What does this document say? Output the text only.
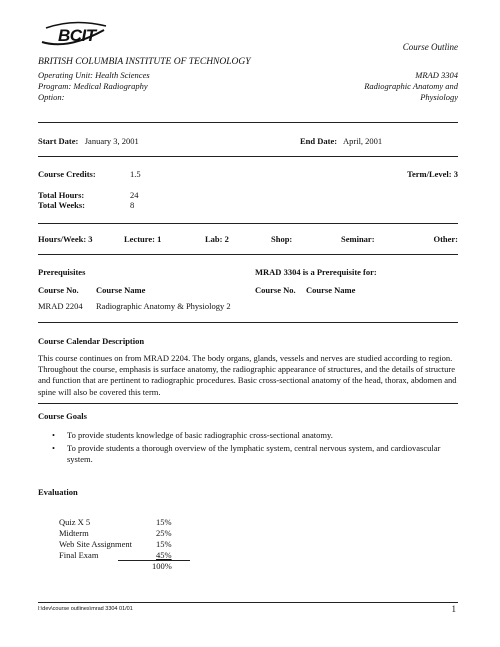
BCIT
Course Outline
BRITISH COLUMBIA INSTITUTE OF TECHNOLOGY
Operating Unit: Health Sciences
Program: Medical Radiography
Option:
MRAD 3304
Radiographic Anatomy and
Physiology
Start Date: January 3, 2001	End Date: April, 2001
Course Credits:	1.5	Term/Level: 3
Total Hours:	24
Total Weeks:	8
Hours/Week: 3	Lecture: 1	Lab: 2	Shop:	Seminar:	Other:
Prerequisites	MRAD 3304 is a Prerequisite for:
Course No. Course Name	Course No. Course Name
MRAD 2204 Radiographic Anatomy & Physiology 2
Course Calendar Description

This course continues on from MRAD 2204. The body organs, glands, vessels and nerves are studied according to region. Throughout the course, emphasis is surface anatomy, the radiographic appearance of structures, and the details of structure and function that are pertinent to radiographic procedures. Basic cross-sectional anatomy of the head, thorax, abdomen and spine will also be covered this term.

Course Goals
• To provide students knowledge of basic radiographic cross-sectional anatomy.
• To provide students a thorough overview of the lymphatic system, central nervous system, and cardiovascular system.
Evaluation
Quiz X 5	15%
Midterm	25%
Web Site Assignment	15%
Final Exam	45%
100%
l:\dev\course outlines\mrad 3304 01/01	1
